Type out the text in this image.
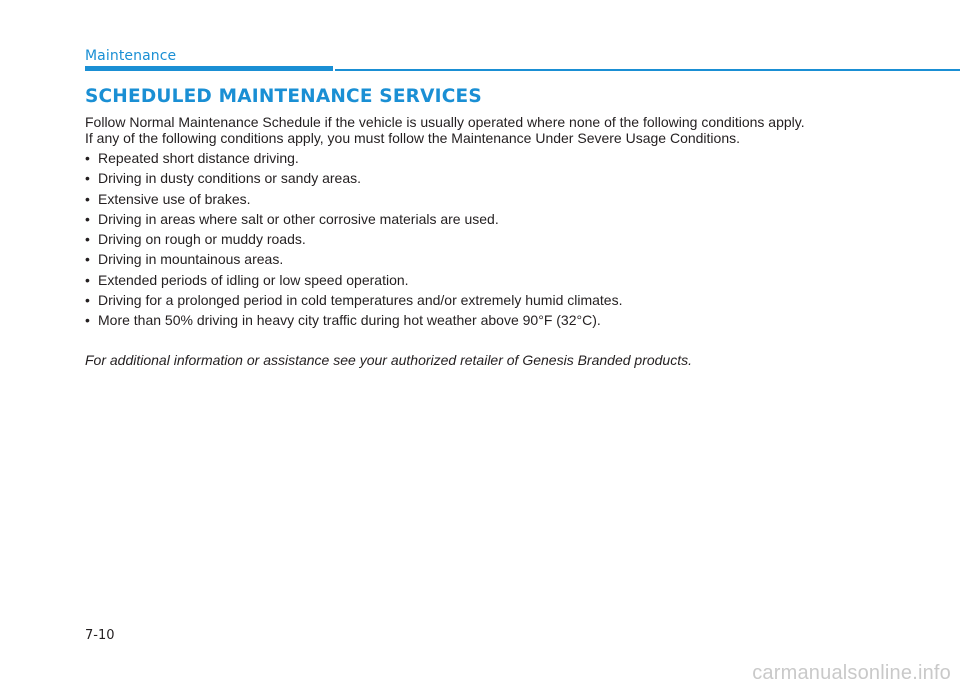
Maintenance
SCHEDULED MAINTENANCE SERVICES

Follow Normal Maintenance Schedule if the vehicle is usually operated where none of the following conditions apply.
If any of the following conditions apply, you must follow the Maintenance Under Severe Usage Conditions.

• Repeated short distance driving.
• Driving in dusty conditions or sandy areas.
• Extensive use of brakes.
• Driving in areas where salt or other corrosive materials are used.
• Driving on rough or muddy roads.
• Driving in mountainous areas.
• Extended periods of idling or low speed operation.
• Driving for a prolonged period in cold temperatures and/or extremely humid climates.
• More than 50% driving in heavy city traffic during hot weather above 90°F (32°C).
For additional information or assistance see your authorized retailer of Genesis Branded products.
7-10
carmanualsonline.info
